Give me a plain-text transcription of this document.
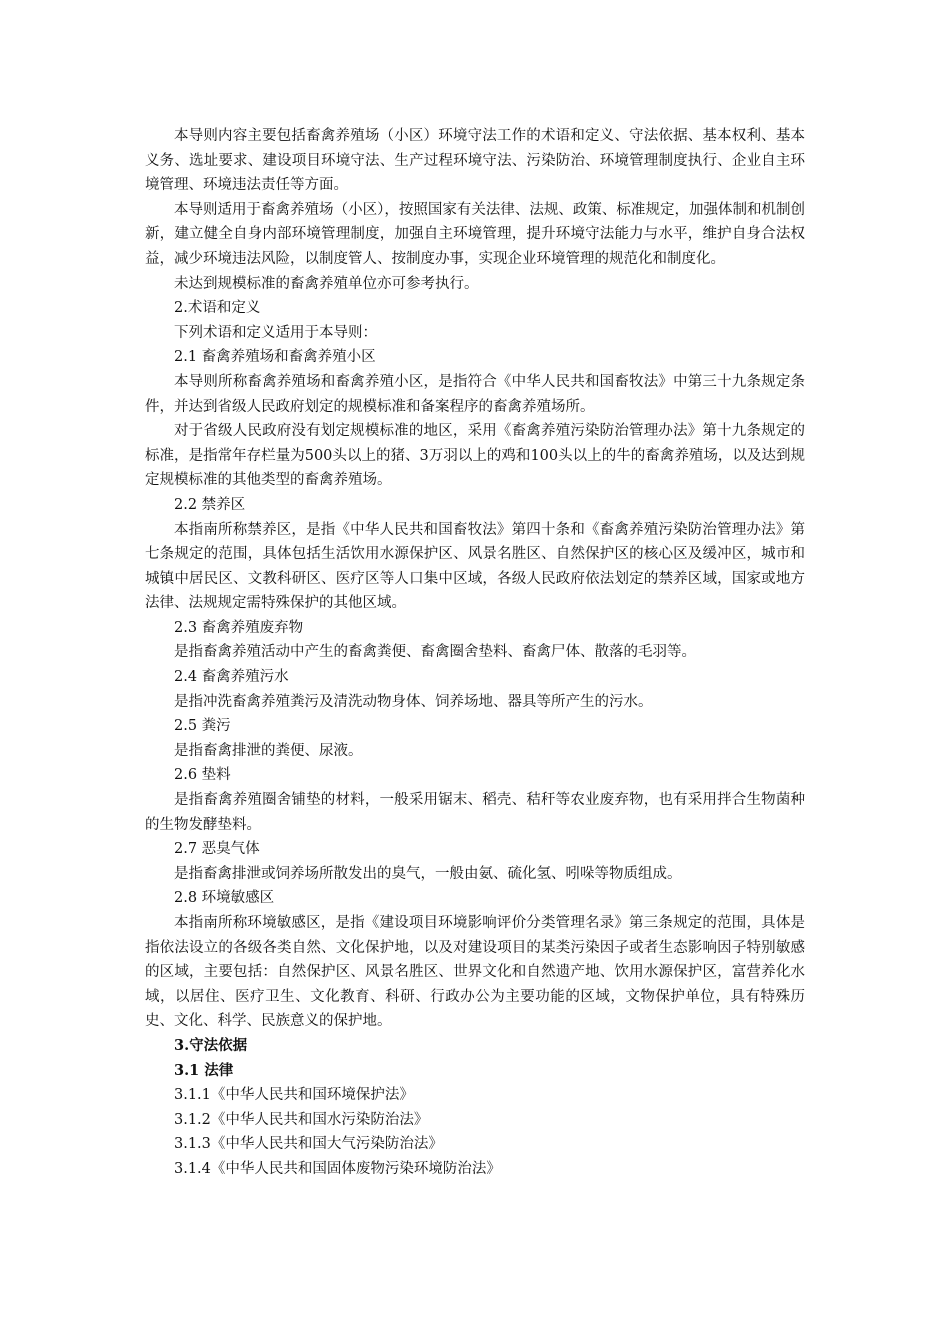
本导则内容主要包括畜禽养殖场（小区）环境守法工作的术语和定义、守法依据、基本权利、基本义务、选址要求、建设项目环境守法、生产过程环境守法、污染防治、环境管理制度执行、企业自主环境管理、环境违法责任等方面。

本导则适用于畜禽养殖场（小区），按照国家有关法律、法规、政策、标准规定，加强体制和机制创新，建立健全自身内部环境管理制度，加强自主环境管理，提升环境守法能力与水平，维护自身合法权益，减少环境违法风险，以制度管人、按制度办事，实现企业环境管理的规范化和制度化。

未达到规模标准的畜禽养殖单位亦可参考执行。

2.术语和定义

下列术语和定义适用于本导则：

2.1 畜禽养殖场和畜禽养殖小区

本导则所称畜禽养殖场和畜禽养殖小区，是指符合《中华人民共和国畜牧法》中第三十九条规定条件，并达到省级人民政府划定的规模标准和备案程序的畜禽养殖场所。

对于省级人民政府没有划定规模标准的地区，采用《畜禽养殖污染防治管理办法》第十九条规定的标准，是指常年存栏量为500头以上的猪、3万羽以上的鸡和100头以上的牛的畜禽养殖场，以及达到规定规模标准的其他类型的畜禽养殖场。

2.2 禁养区

本指南所称禁养区，是指《中华人民共和国畜牧法》第四十条和《畜禽养殖污染防治管理办法》第七条规定的范围，具体包括生活饮用水源保护区、风景名胜区、自然保护区的核心区及缓冲区，城市和城镇中居民区、文教科研区、医疗区等人口集中区域，各级人民政府依法划定的禁养区域，国家或地方法律、法规规定需特殊保护的其他区域。

2.3 畜禽养殖废弃物

是指畜禽养殖活动中产生的畜禽粪便、畜禽圈舍垫料、畜禽尸体、散落的毛羽等。

2.4 畜禽养殖污水

是指冲洗畜禽养殖粪污及清洗动物身体、饲养场地、器具等所产生的污水。

2.5 粪污

是指畜禽排泄的粪便、尿液。

2.6 垫料

是指畜禽养殖圈舍铺垫的材料，一般采用锯末、稻壳、秸秆等农业废弃物，也有采用拌合生物菌种的生物发酵垫料。

2.7 恶臭气体

是指畜禽排泄或饲养场所散发出的臭气，一般由氨、硫化氢、吲哚等物质组成。

2.8 环境敏感区

本指南所称环境敏感区，是指《建设项目环境影响评价分类管理名录》第三条规定的范围，具体是指依法设立的各级各类自然、文化保护地，以及对建设项目的某类污染因子或者生态影响因子特别敏感的区域，主要包括：自然保护区、风景名胜区、世界文化和自然遗产地、饮用水源保护区，富营养化水域，以居住、医疗卫生、文化教育、科研、行政办公为主要功能的区域，文物保护单位，具有特殊历史、文化、科学、民族意义的保护地。

3.守法依据

3.1 法律

3.1.1《中华人民共和国环境保护法》

3.1.2《中华人民共和国水污染防治法》

3.1.3《中华人民共和国大气污染防治法》

3.1.4《中华人民共和国固体废物污染环境防治法》
